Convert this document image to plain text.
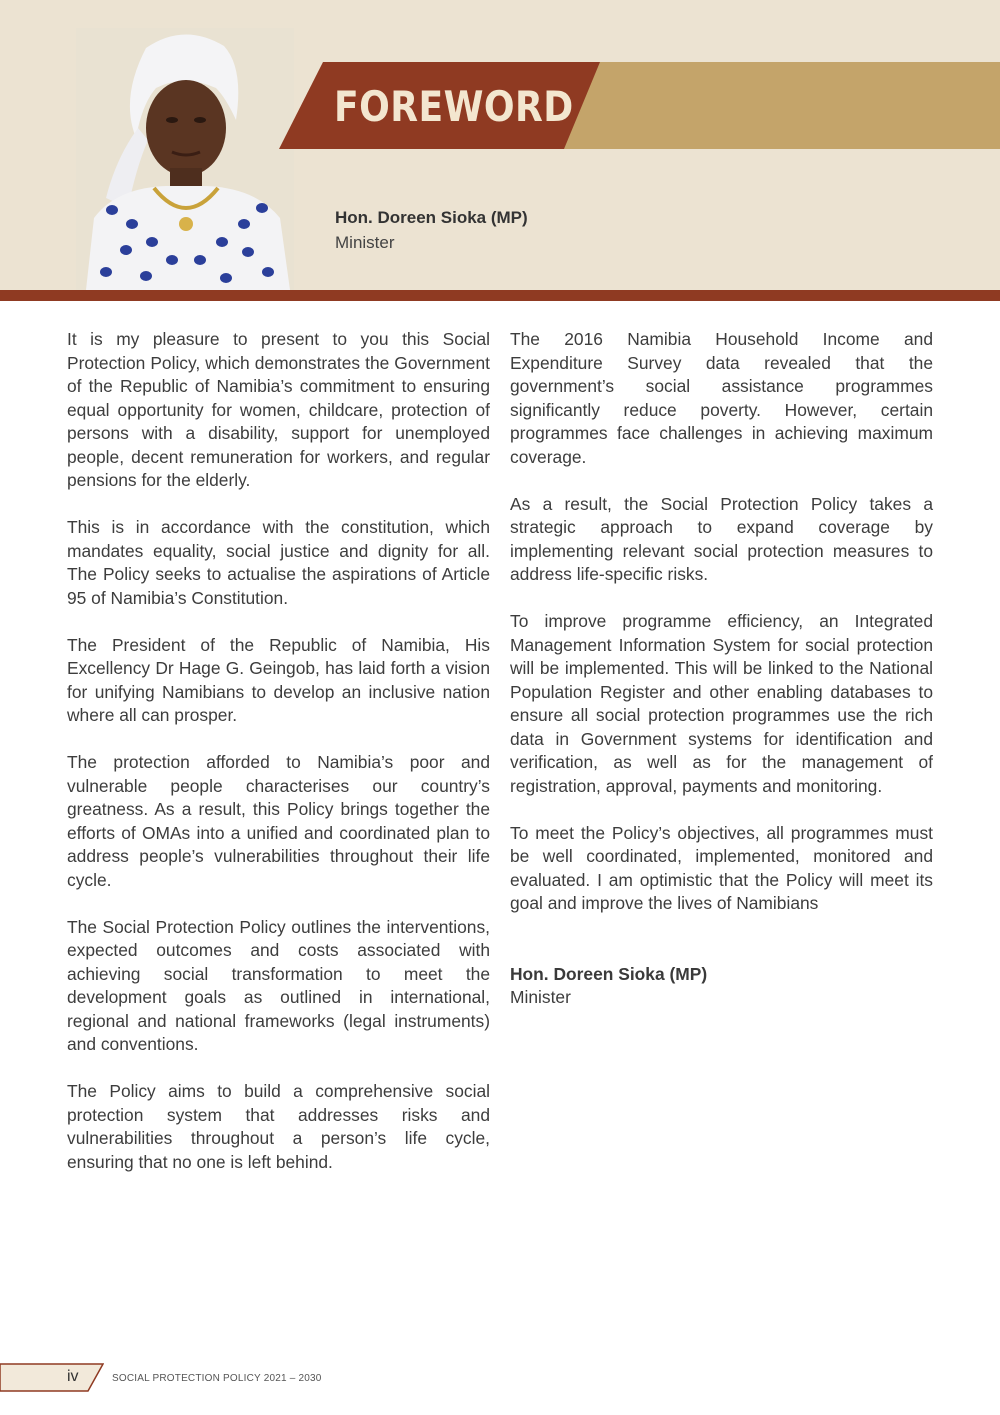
FOREWORD
Hon. Doreen Sioka (MP)
Minister

It is my pleasure to present to you this Social Protection Policy, which demonstrates the Government of the Republic of Namibia’s commitment to ensuring equal opportunity for women, childcare, protection of persons with a disability, support for unemployed people, decent remuneration for workers, and regular pensions for the elderly.

This is in accordance with the constitution, which mandates equality, social justice and dignity for all. The Policy seeks to actualise the aspirations of Article 95 of Namibia’s Constitution.

The President of the Republic of Namibia, His Excellency Dr Hage G. Geingob, has laid forth a vision for unifying Namibians to develop an inclusive nation where all can prosper.

The protection afforded to Namibia’s poor and vulnerable people characterises our country’s greatness. As a result, this Policy brings together the efforts of OMAs into a unified and coordinated plan to address people’s vulnerabilities throughout their life cycle.

The Social Protection Policy outlines the interventions, expected outcomes and costs associated with achieving social transformation to meet the development goals as outlined in international, regional and national frameworks (legal instruments) and conventions.

The Policy aims to build a comprehensive social protection system that addresses risks and vulnerabilities throughout a person’s life cycle, ensuring that no one is left behind.

The 2016 Namibia Household Income and Expenditure Survey data revealed that the government’s social assistance programmes significantly reduce poverty. However, certain programmes face challenges in achieving maximum coverage.

As a result, the Social Protection Policy takes a strategic approach to expand coverage by implementing relevant social protection measures to address life-specific risks.

To improve programme efficiency, an Integrated Management Information System for social protection will be implemented. This will be linked to the National Population Register and other enabling databases to ensure all social protection programmes use the rich data in Government systems for identification and verification, as well as for the management of registration, approval, payments and monitoring.

To meet the Policy’s objectives, all programmes must be well coordinated, implemented, monitored and evaluated. I am optimistic that the Policy will meet its goal and improve the lives of Namibians

Hon. Doreen Sioka (MP)
Minister
iv	SOCIAL PROTECTION POLICY 2021 – 2030
